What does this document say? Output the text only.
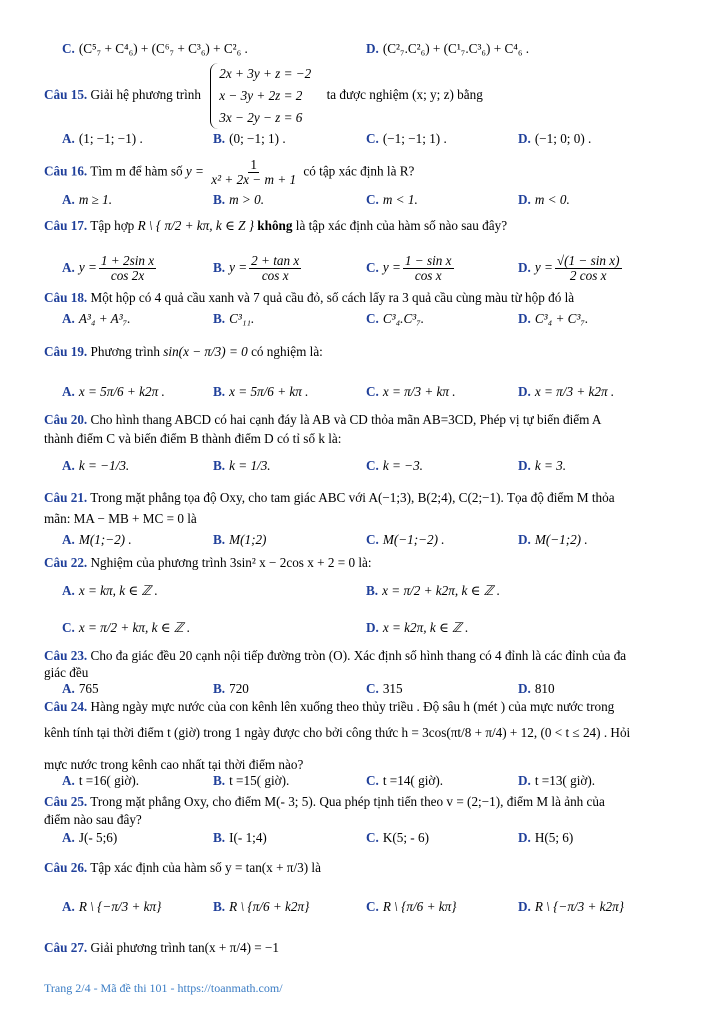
C. (C⁵₇ + C⁴₆) + (C⁶₇ + C³₆) + C²₆ .	D. (C²₇.C²₆) + (C¹₇.C³₆) + C⁴₆ .
Câu 15. Giải hệ phương trình
2x + 3y + z = −2
x − 3y + 2z = 2
3x − 2y − z = 6
ta được nghiệm (x; y; z) bằng
A. (1; −1; −1) .	B. (0; −1; 1) .	C. (−1; −1; 1) .	D. (−1; 0; 0) .
Câu 16. Tìm m để hàm số $y = \frac{1}{\text{x² + 2x − m + 1}}$ có tập xác định là R?
A. m ≥ 1.	B. m > 0.	C. m < 1.	D. m < 0.
Câu 17. Tập hợp R \ { π/2 + kπ, k ∈ Z } không là tập xác định của hàm số nào sau đây?
A. $y = \frac{\text{1 + 2sin x}}{\cos 2x}$	B. $y = \frac{\text{2 + tan x}}{\text{cos x}}$	C. $y = \frac{\text{1 − sin x}}{\text{cos x}}$	D. $y = \frac{\text{√(1 − sin x)}}{\text{2 cos x}}$
Câu 18. Một hộp có 4 quả cầu xanh và 7 quả cầu đỏ, số cách lấy ra 3 quả cầu cùng màu từ hộp đó là
A. A³₄ + A³₇.	B. C³₁₁.	C. C³₄.C³₇.	D. C³₄ + C³₇.
Câu 19. Phương trình sin(x − π/3) = 0 có nghiệm là:
A. x = 5π/6 + k2π .	B. x = 5π/6 + kπ .	C. x = π/3 + kπ .	D. x = π/3 + k2π .
Câu 20. Cho hình thang ABCD có hai cạnh đáy là AB và CD thỏa mãn AB=3CD, Phép vị tự biến điểm A
thành điểm C và biến điểm B thành điểm D có tỉ số k là:
A. k = −1/3.	B. k = 1/3.	C. k = −3.	D. k = 3.
Câu 21. Trong mặt phẳng tọa độ Oxy, cho tam giác ABC với A(−1;3), B(2;4), C(2;−1). Tọa độ điểm M thỏa
mãn: MA − MB + MC = 0 là
A. M(1;−2) .	B. M(1;2)	C. M(−1;−2) .	D. M(−1;2) .
Câu 22. Nghiệm của phương trình 3sin² x − 2cos x + 2 = 0 là:
A. x = kπ, k ∈ ℤ .	B. x = π/2 + k2π, k ∈ ℤ .
C. x = π/2 + kπ, k ∈ ℤ .	D. x = k2π, k ∈ ℤ .
Câu 23. Cho đa giác đều 20 cạnh nội tiếp đường tròn (O). Xác định số hình thang có 4 đỉnh là các đỉnh của đa
giác đều
A. 765	B. 720	C. 315	D. 810
Câu 24. Hàng ngày mực nước của con kênh lên xuống theo thủy triều . Độ sâu h (mét ) của mực nước trong
kênh tính tại thời điểm t (giờ) trong 1 ngày được cho bởi công thức h = 3cos(πt/8 + π/4) + 12, (0 < t ≤ 24) . Hỏi
mực nước trong kênh cao nhất tại thời điểm nào?
A. t =16( giờ).	B. t =15( giờ).	C. t =14( giờ).	D. t =13( giờ).
Câu 25. Trong mặt phẳng Oxy, cho điểm M(- 3; 5). Qua phép tịnh tiến theo v = (2;−1), điểm M là ảnh của
điểm nào sau đây?
A. J(- 5;6)	B. I(- 1;4)	C. K(5; - 6)	D. H(5; 6)
Câu 26. Tập xác định của hàm số y = tan(x + π/3) là
A. R \ {−π/3 + kπ}	B. R \ {π/6 + k2π}	C. R \ {π/6 + kπ}	D. R \ {−π/3 + k2π}
Câu 27. Giải phương trình tan(x + π/4) = −1
Trang 2/4 - Mã đề thi 101 - https://toanmath.com/
